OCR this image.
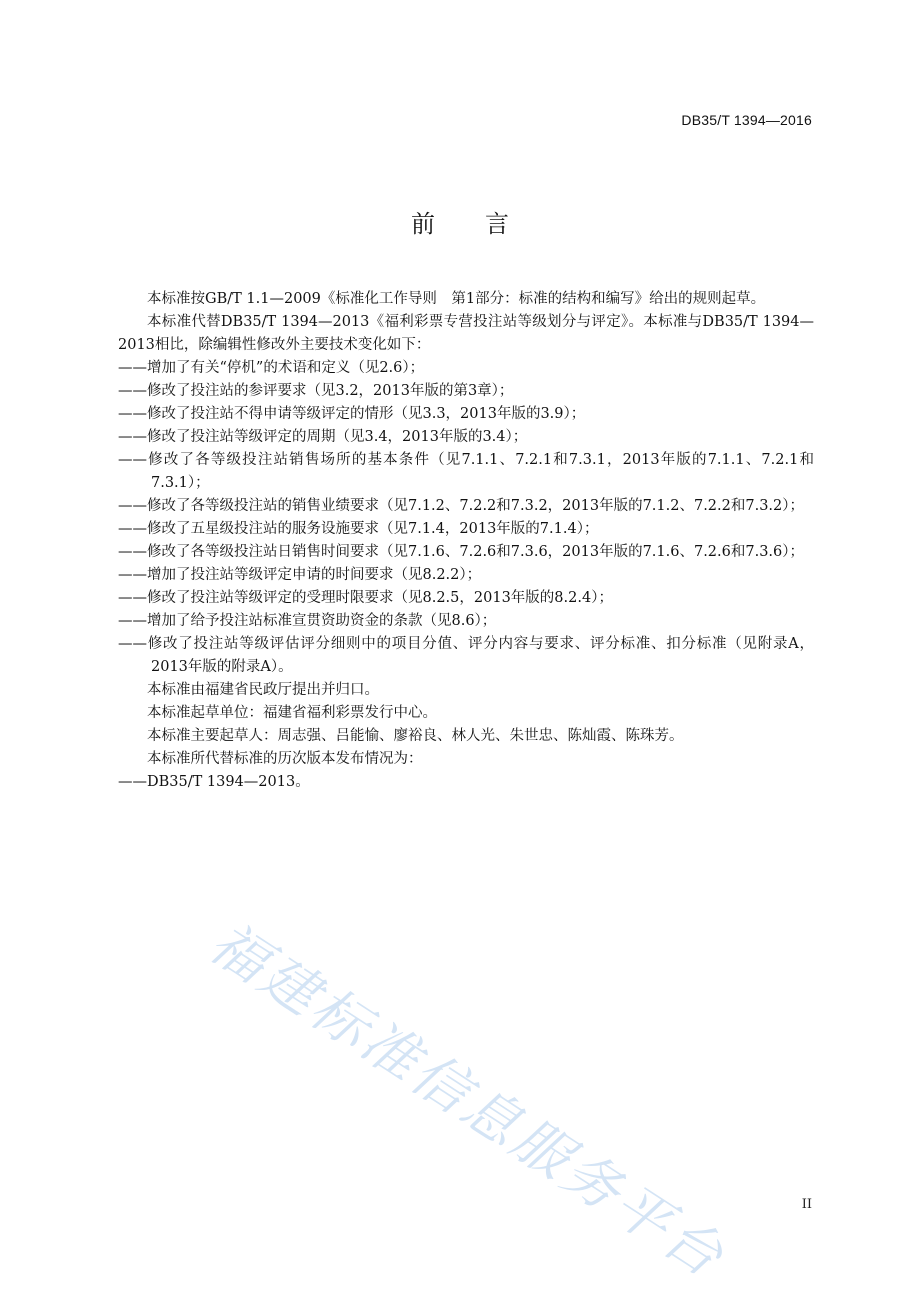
DB35/T 1394—2016
前言

本标准按GB/T 1.1—2009《标准化工作导则　第1部分：标准的结构和编写》给出的规则起草。

本标准代替DB35/T 1394—2013《福利彩票专营投注站等级划分与评定》。本标准与DB35/T 1394—2013相比，除编辑性修改外主要技术变化如下：

——增加了有关“停机”的术语和定义（见2.6）；

——修改了投注站的参评要求（见3.2，2013年版的第3章）；

——修改了投注站不得申请等级评定的情形（见3.3，2013年版的3.9）；

——修改了投注站等级评定的周期（见3.4，2013年版的3.4）；

——修改了各等级投注站销售场所的基本条件（见7.1.1、7.2.1和7.3.1，2013年版的7.1.1、7.2.1和7.3.1）；

——修改了各等级投注站的销售业绩要求（见7.1.2、7.2.2和7.3.2，2013年版的7.1.2、7.2.2和7.3.2）；

——修改了五星级投注站的服务设施要求（见7.1.4，2013年版的7.1.4）；

——修改了各等级投注站日销售时间要求（见7.1.6、7.2.6和7.3.6，2013年版的7.1.6、7.2.6和7.3.6）；

——增加了投注站等级评定申请的时间要求（见8.2.2）；

——修改了投注站等级评定的受理时限要求（见8.2.5，2013年版的8.2.4）；

——增加了给予投注站标准宣贯资助资金的条款（见8.6）；

——修改了投注站等级评估评分细则中的项目分值、评分内容与要求、评分标准、扣分标准（见附录A，2013年版的附录A）。

本标准由福建省民政厅提出并归口。

本标准起草单位：福建省福利彩票发行中心。

本标准主要起草人：周志强、吕能愉、廖裕良、林人光、朱世忠、陈灿霞、陈珠芳。

本标准所代替标准的历次版本发布情况为：

——DB35/T 1394—2013。

福建标准信息服务平台	II
